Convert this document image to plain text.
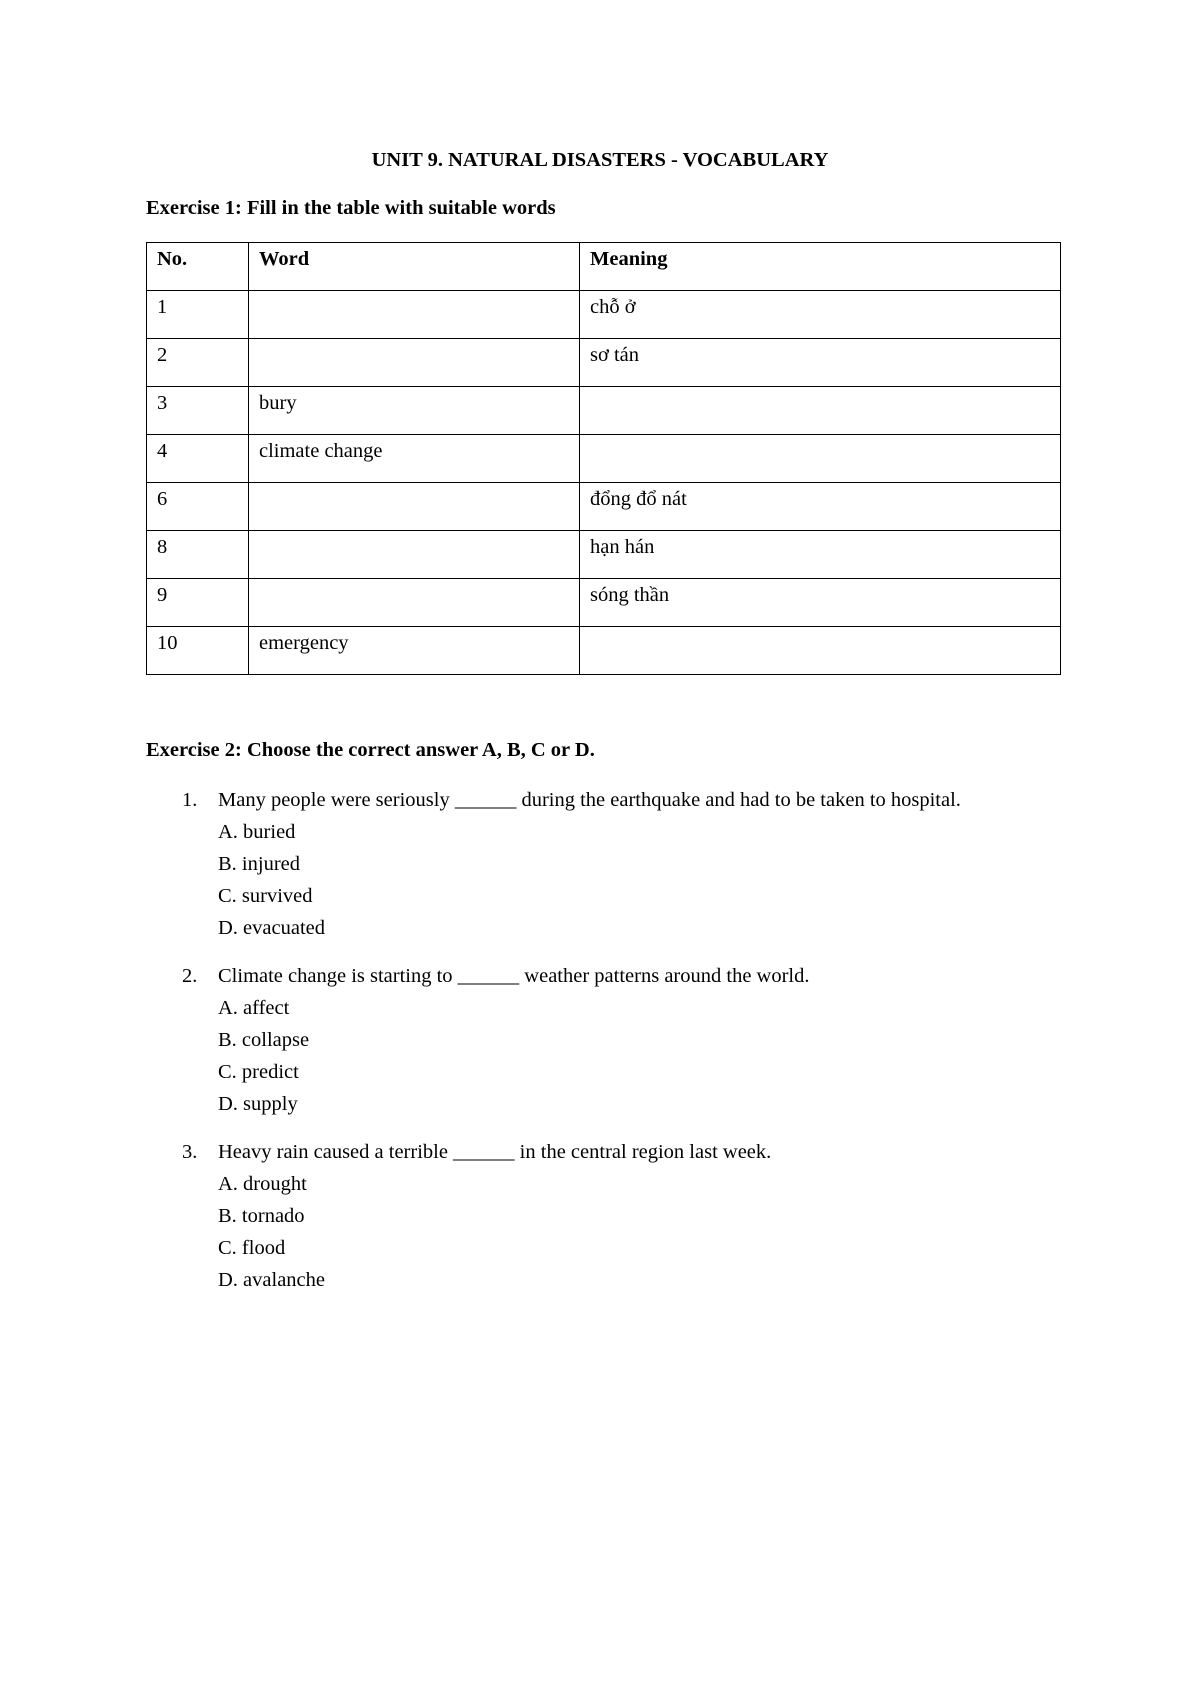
UNIT 9. NATURAL DISASTERS - VOCABULARY
Exercise 1: Fill in the table with suitable words
No.	Word	Meaning
1		chỗ ở
2		sơ tán
3	bury	
4	climate change	
6		đổng đổ nát
8		hạn hán
9		sóng thần
10	emergency	
Exercise 2: Choose the correct answer A, B, C or D.
1. Many people were seriously ______ during the earthquake and had to be taken to hospital.
A. buried
B. injured
C. survived
D. evacuated
2. Climate change is starting to ______ weather patterns around the world.
A. affect
B. collapse
C. predict
D. supply
3. Heavy rain caused a terrible ______ in the central region last week.
A. drought
B. tornado
C. flood
D. avalanche
